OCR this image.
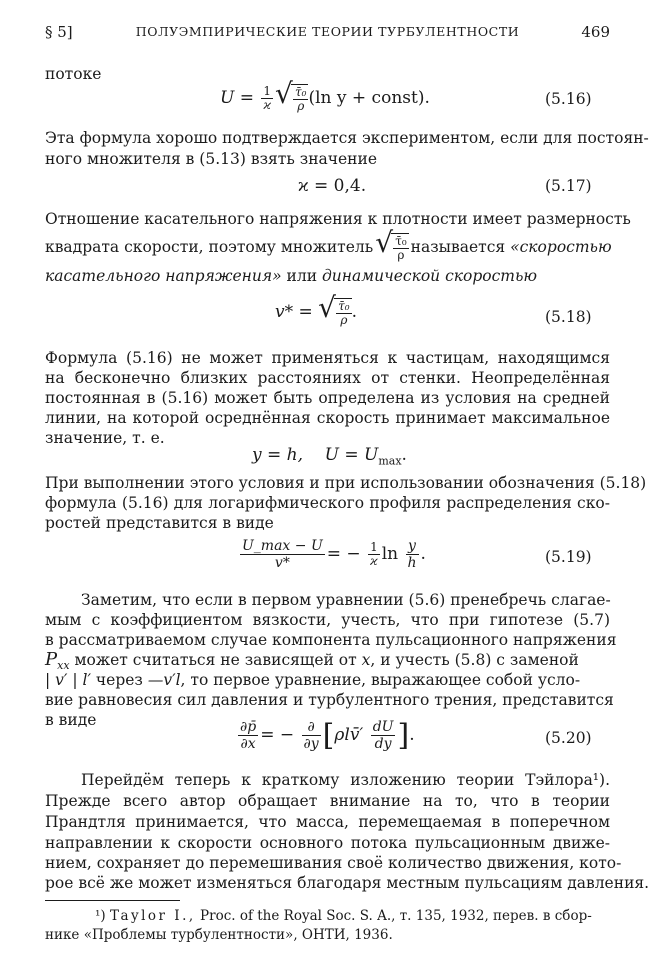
§ 5]	ПОЛУЭМПИРИЧЕСКИЕ ТЕОРИИ ТУРБУЛЕНТНОСТИ	469
потоке
$U = \frac{1}{ϰ}$ √ $\frac{\text{τ̄₀}}{\rho} (\ln$ y + const).	(5.16)
Эта формула хорошо подтверждается экспериментом, если для постоян-
ного множителя в (5.13) взять значение
ϰ = 0,4.	(5.17)
Отношение касательного напряжения к плотности имеет размерность
квадрата скорости, поэтому множитель √ $\frac{\text{τ̄₀}}{\rho}$ называется «скоростью
касательного напряжения» или динамической скоростью
v* = √ $\frac{\text{τ̄₀}}{\rho}$ .	(5.18)
Формула (5.16) не может применяться к частицам, находящимся
на бесконечно близких расстояниях от стенки. Неопределённая
постоянная в (5.16) может быть определена из условия на средней
линии, на которой осреднённая скорость принимает максимальное
значение, т. е.
y = h,    $U = U_{max}$.
При выполнении этого условия и при использовании обозначения (5.18)
формула (5.16) для логарифмического профиля распределения ско-
ростей представится в виде
$\frac{U\_\max - U}{v*}$ = − $\frac{1}{ϰ}$ $\ln \frac{y}{h}$ .	(5.19)
Заметим, что если в первом уравнении (5.6) пренебречь слагае-
мым с коэффициентом вязкости, учесть, что при гипотезе (5.7)
в рассматриваемом случае компонента пульсационного напряжения
$P_{xx}$ может считаться не зависящей от x, и учесть (5.8) с заменой
| v′ | l′ через —v′l, то первое уравнение, выражающее собой усло-
вие равновесия сил давления и турбулентного трения, представится
в виде	$\frac{\partial p̄}{\partial x}$ = − $\frac{\partial}{\partial y}$ [ρlv̄′ $\frac{dU}{dy}$ ].	(5.20)
Перейдём теперь к краткому изложению теории Тэйлора¹).
Прежде всего автор обращает внимание на то, что в теории
Прандтля принимается, что масса, перемещаемая в поперечном
направлении к скорости основного потока пульсационным движе-
нием, сохраняет до перемешивания своё количество движения, кото-
рое всё же может изменяться благодаря местным пульсациям давления.
¹) Taylor I., Proc. of the Royal Soc. S. A., т. 135, 1932, перев. в сбор-
нике «Проблемы турбулентности», ОНТИ, 1936.
